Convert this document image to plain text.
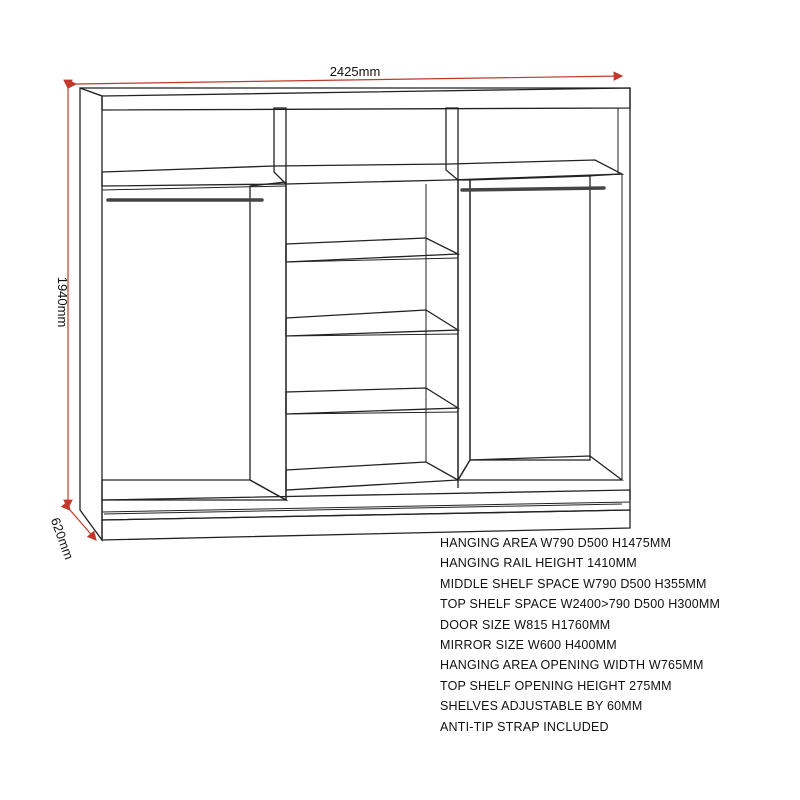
2425mm
1940mm
620mm	HANGING AREA W790 D500 H1475MM
HANGING RAIL HEIGHT 1410MM
MIDDLE SHELF SPACE W790 D500 H355MM
TOP SHELF SPACE W2400>790 D500 H300MM
DOOR SIZE W815 H1760MM
MIRROR SIZE W600 H400MM
HANGING AREA OPENING WIDTH W765MM
TOP SHELF OPENING HEIGHT 275MM
SHELVES ADJUSTABLE BY 60MM
ANTI-TIP STRAP INCLUDED
